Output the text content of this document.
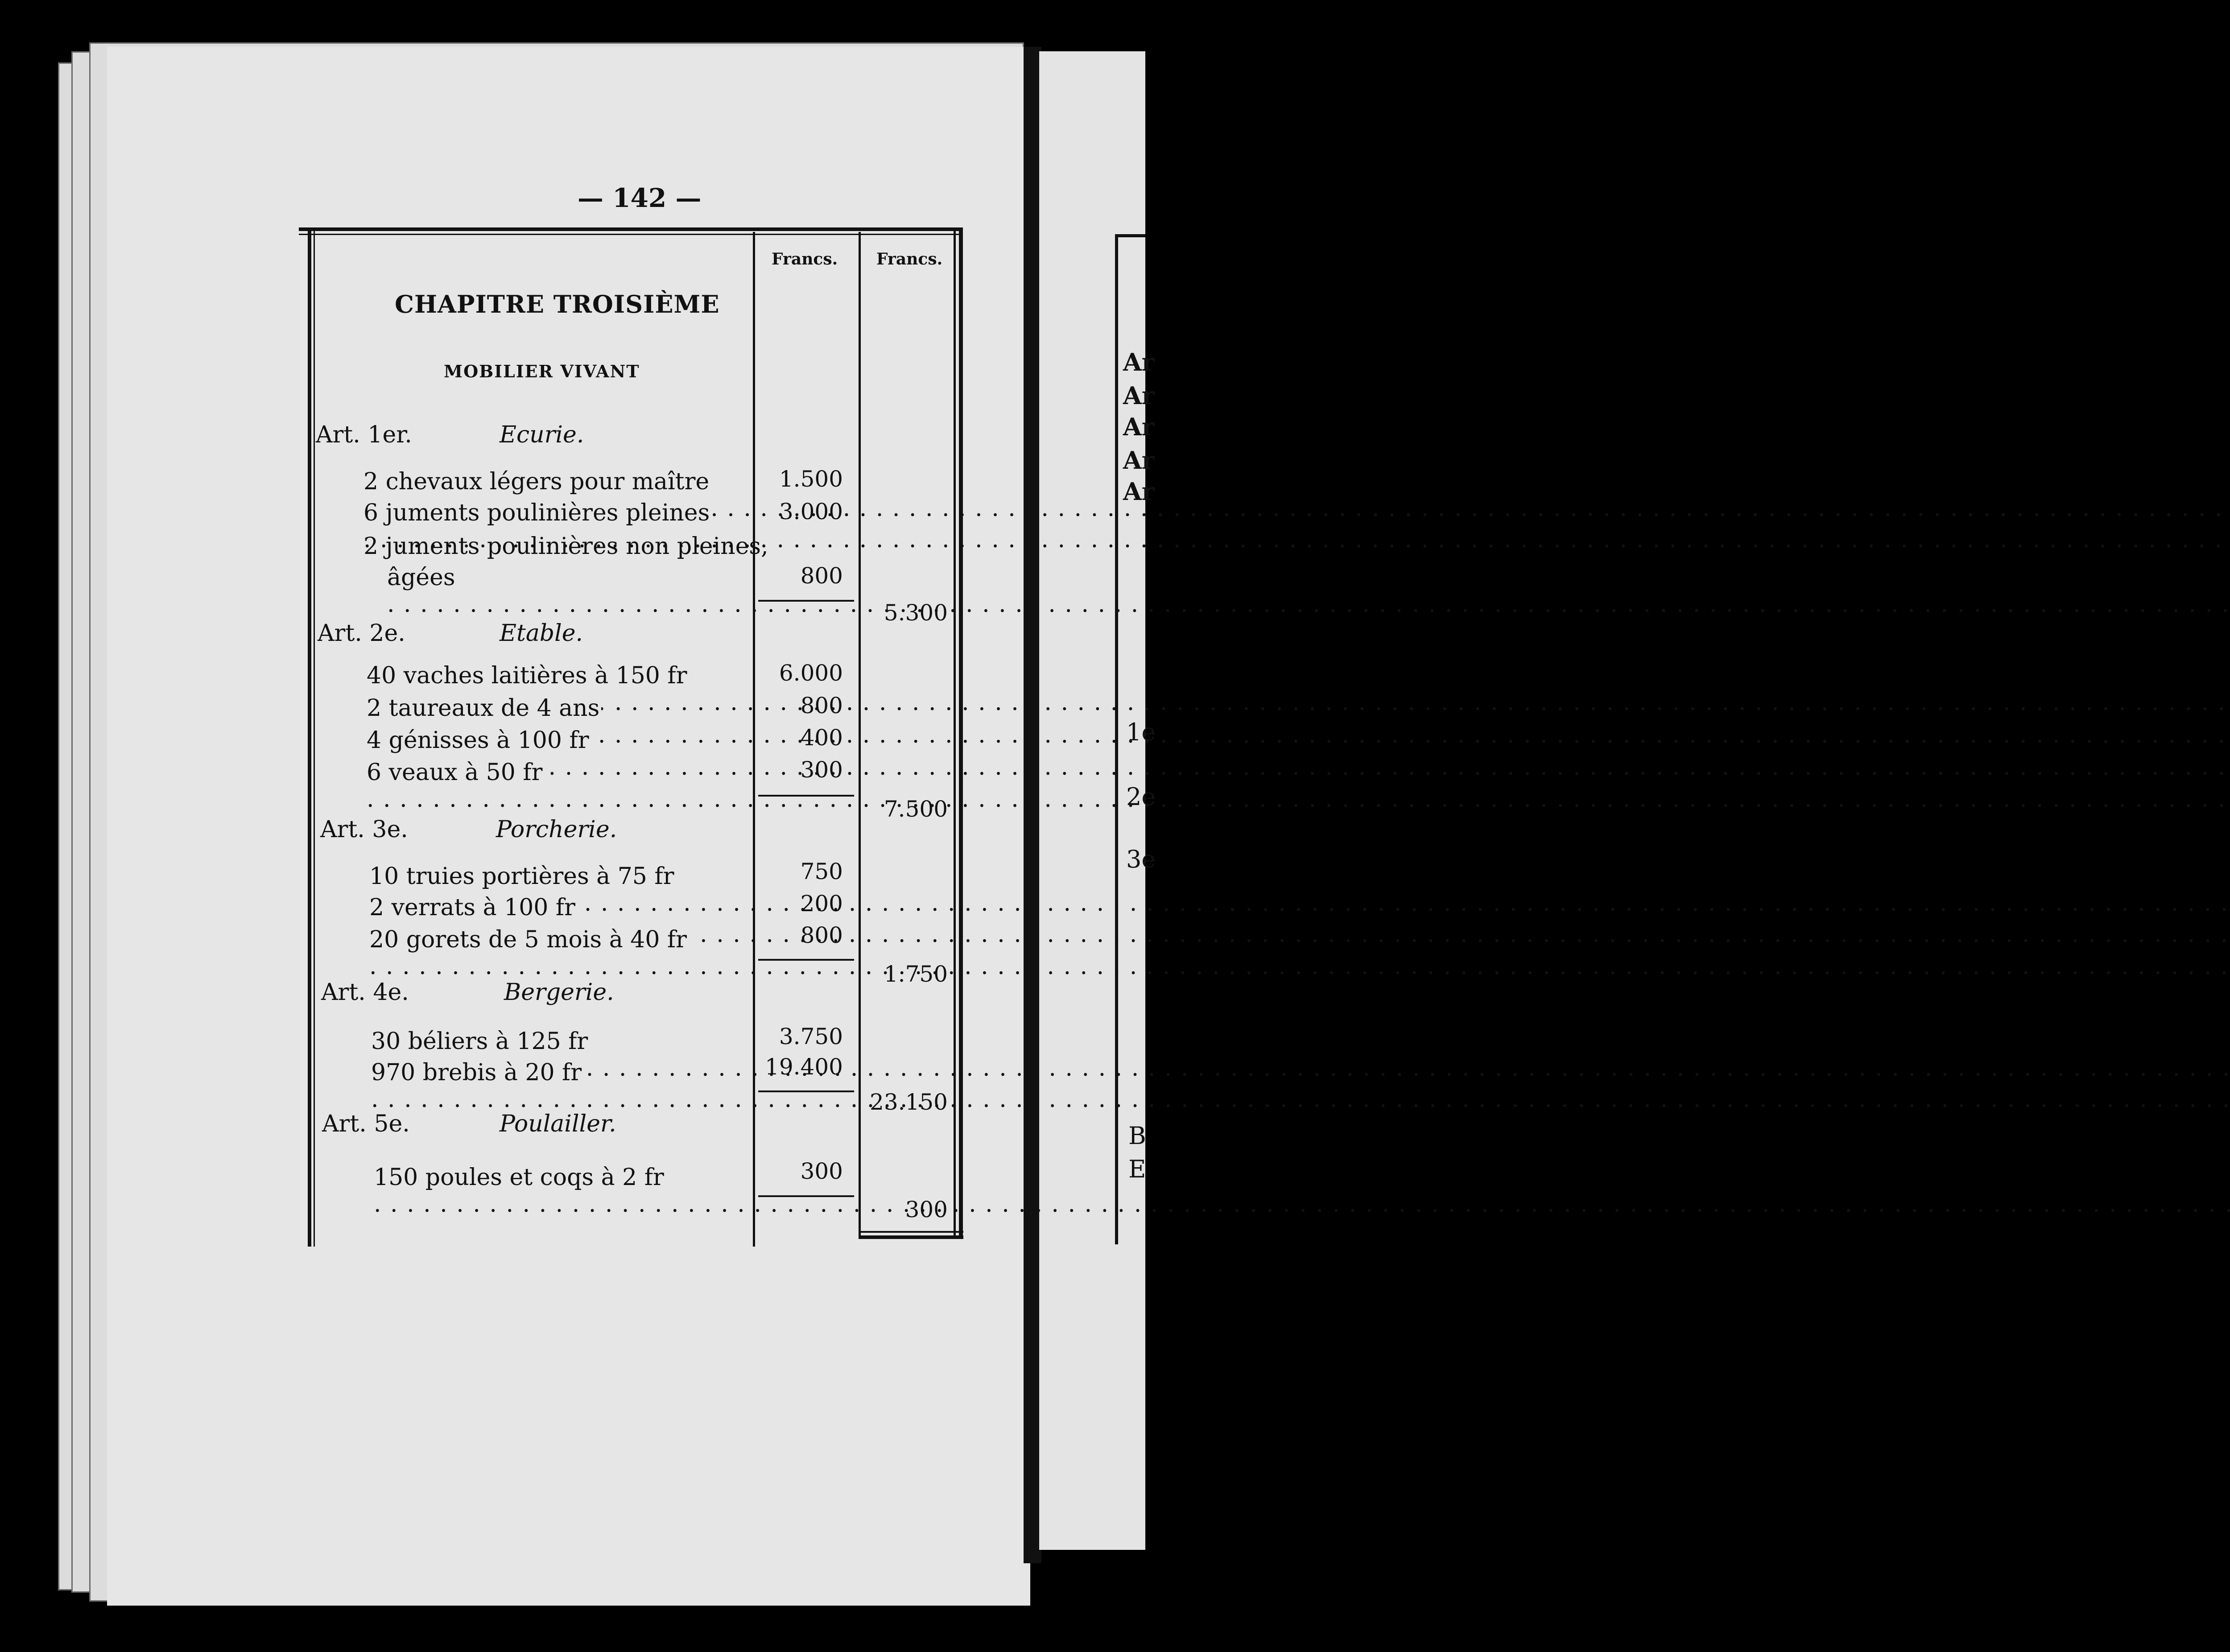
Ar
Ar
Ar
Ar
Ar
1e
2e
3e
B
E
— 142 —
Francs. Francs.
CHAPITRE TROISIÈME
MOBILIER VIVANT
Art. 1er.	Ecurie.
2 chevaux légers pour maître
. . .	1.500
6 juments poulinières pleines
. . .	3.000
2 juments poulinières non pleines,
âgées
. . .	800
5.300
Art. 2e.	Etable.
40 vaches laitières à 150 fr
. . .	6.000
2 taureaux de 4 ans
. . .	800
4 génisses à 100 fr
. . .	400
6 veaux à 50 fr
. . .	300
7.500
Art. 3e.	Porcherie.
10 truies portières à 75 fr
. . .	750
2 verrats à 100 fr
. . .	200
20 gorets de 5 mois à 40 fr
. . .	800
1.750
Art. 4e.	Bergerie.
30 béliers à 125 fr
. . .	3.750
970 brebis à 20 fr
. . .	19.400
23.150
Art. 5e.	Poulailler.
150 poules et coqs à 2 fr
. . .	300
300
